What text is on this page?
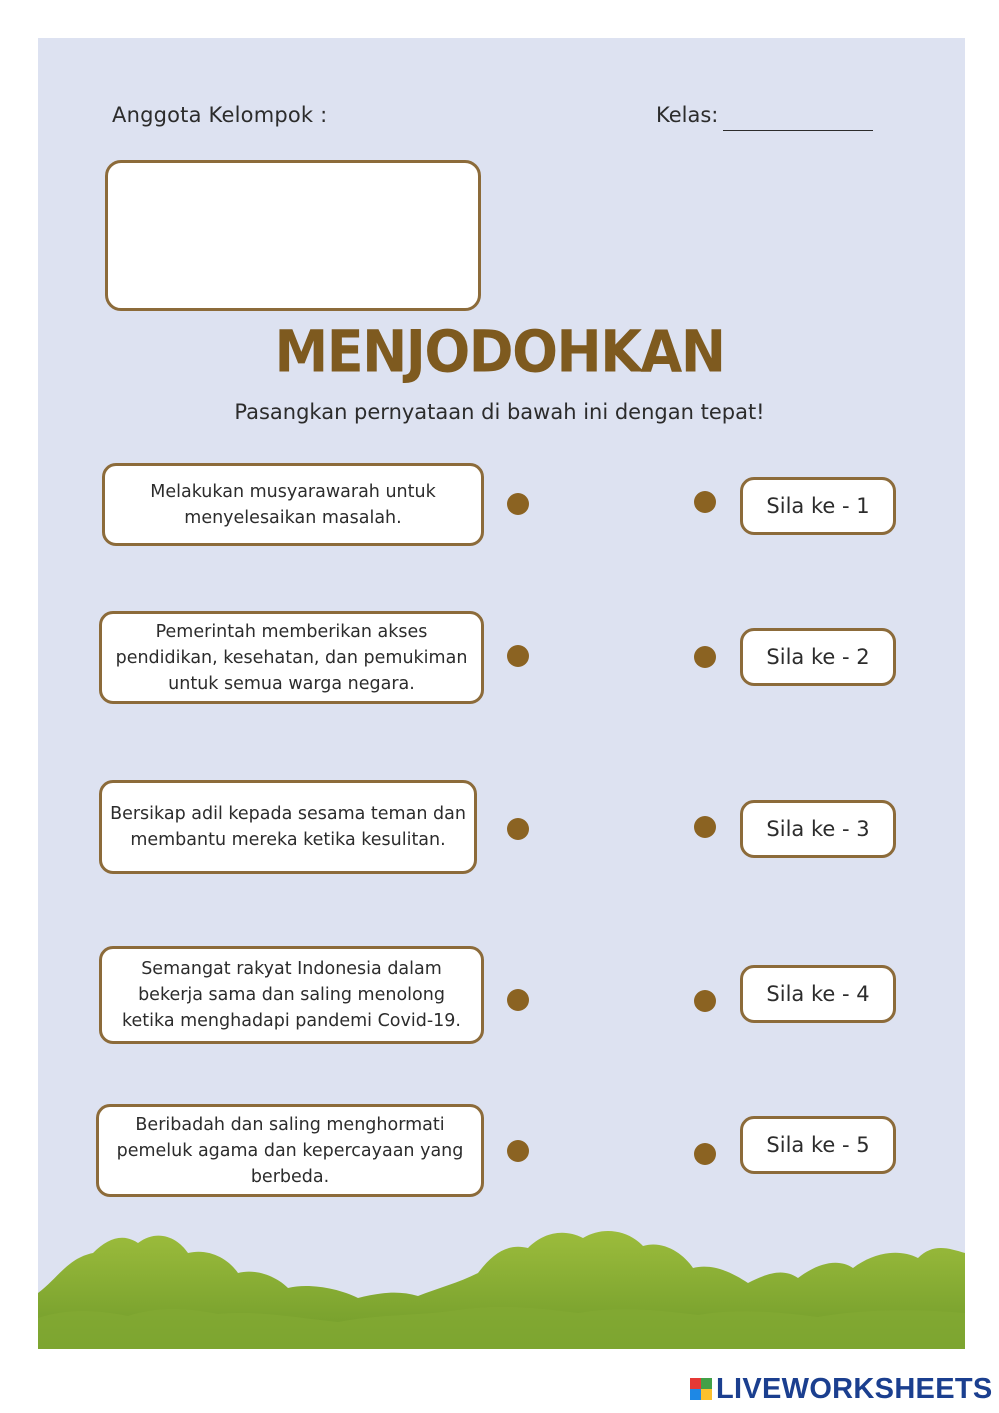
Anggota Kelompok :	Kelas:
MENJODOHKAN
Pasangkan pernyataan di bawah ini dengan tepat!
Melakukan musyarawarah untuk menyelesaikan masalah.
Pemerintah memberikan akses pendidikan, kesehatan, dan pemukiman untuk semua warga negara.
Bersikap adil kepada sesama teman dan membantu mereka ketika kesulitan.
Semangat rakyat Indonesia dalam bekerja sama dan saling menolong ketika menghadapi pandemi Covid-19.
Beribadah dan saling menghormati pemeluk agama dan kepercayaan yang berbeda.
Sila ke - 1
Sila ke - 2
Sila ke - 3
Sila ke - 4
Sila ke - 5
LIVEWORKSHEETS
